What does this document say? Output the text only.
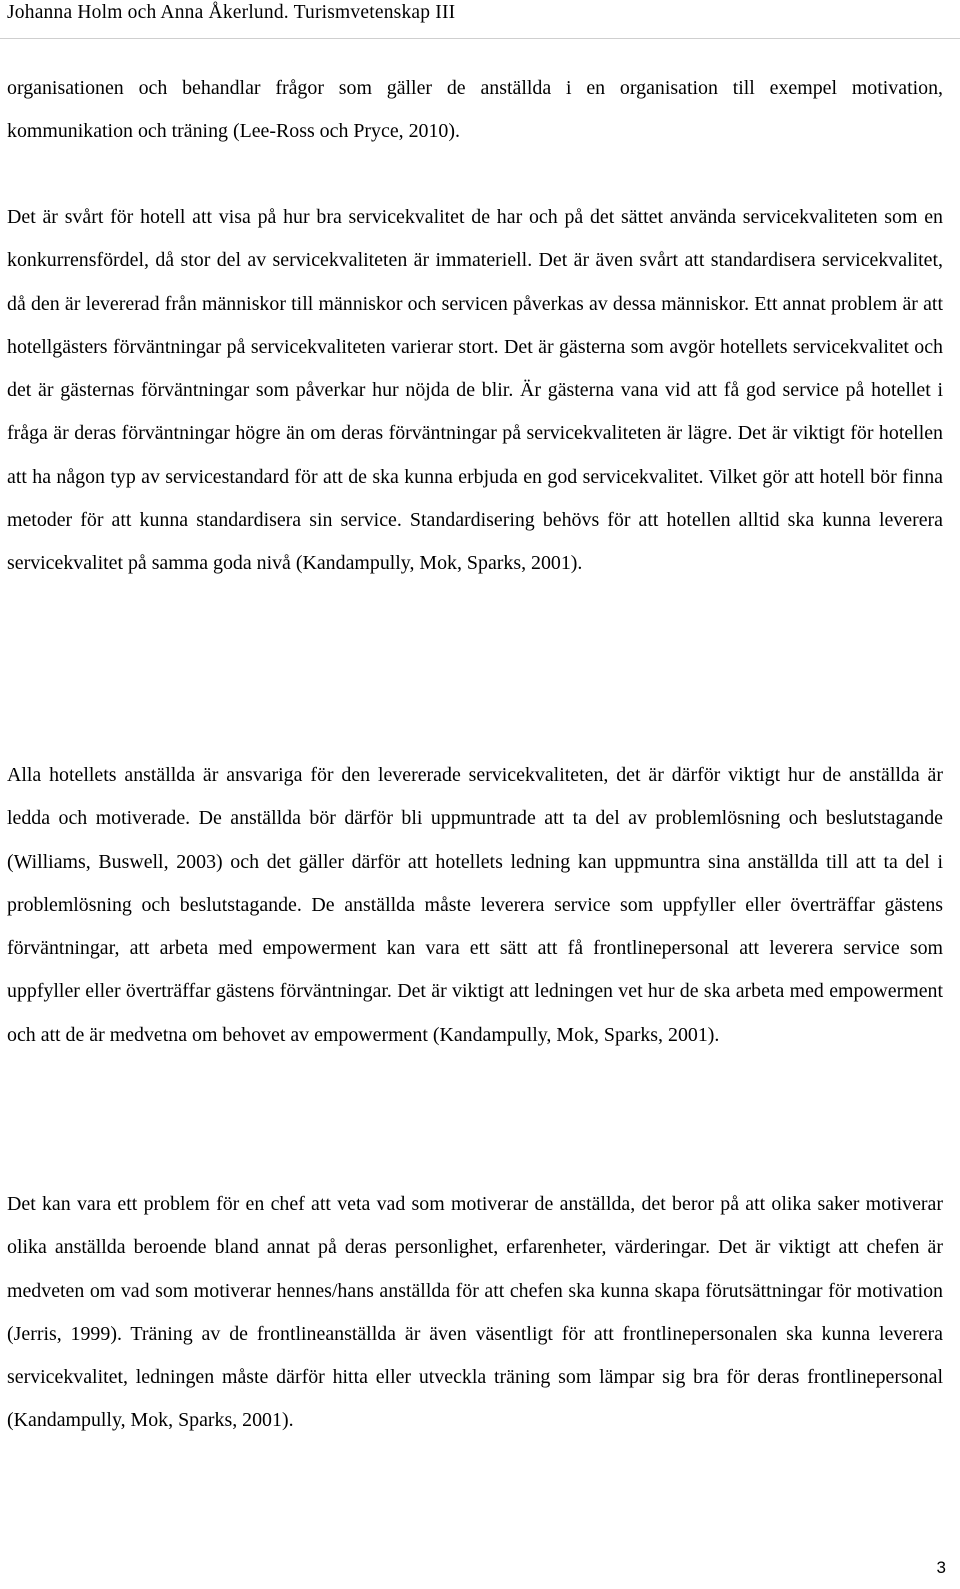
Johanna Holm och Anna Åkerlund. Turismvetenskap III

organisationen och behandlar frågor som gäller de anställda i en organisation till exempel motivation, kommunikation och träning (Lee-Ross och Pryce, 2010).

Det är svårt för hotell att visa på hur bra servicekvalitet de har och på det sättet använda servicekvaliteten som en konkurrensfördel, då stor del av servicekvaliteten är immateriell. Det är även svårt att standardisera servicekvalitet, då den är levererad från människor till människor och servicen påverkas av dessa människor. Ett annat problem är att hotellgästers förväntningar på servicekvaliteten varierar stort. Det är gästerna som avgör hotellets servicekvalitet och det är gästernas förväntningar som påverkar hur nöjda de blir. Är gästerna vana vid att få god service på hotellet i fråga är deras förväntningar högre än om deras förväntningar på servicekvaliteten är lägre. Det är viktigt för hotellen att ha någon typ av servicestandard för att de ska kunna erbjuda en god servicekvalitet. Vilket gör att hotell bör finna metoder för att kunna standardisera sin service. Standardisering behövs för att hotellen alltid ska kunna leverera servicekvalitet på samma goda nivå (Kandampully, Mok, Sparks, 2001).

Alla hotellets anställda är ansvariga för den levererade servicekvaliteten, det är därför viktigt hur de anställda är ledda och motiverade. De anställda bör därför bli uppmuntrade att ta del av problemlösning och beslutstagande (Williams, Buswell, 2003) och det gäller därför att hotellets ledning kan uppmuntra sina anställda till att ta del i problemlösning och beslutstagande. De anställda måste leverera service som uppfyller eller överträffar gästens förväntningar, att arbeta med empowerment kan vara ett sätt att få frontlinepersonal att leverera service som uppfyller eller överträffar gästens förväntningar. Det är viktigt att ledningen vet hur de ska arbeta med empowerment och att de är medvetna om behovet av empowerment (Kandampully, Mok, Sparks, 2001).

Det kan vara ett problem för en chef att veta vad som motiverar de anställda, det beror på att olika saker motiverar olika anställda beroende bland annat på deras personlighet, erfarenheter, värderingar. Det är viktigt att chefen är medveten om vad som motiverar hennes/hans anställda för att chefen ska kunna skapa förutsättningar för motivation (Jerris, 1999). Träning av de frontlineanställda är även väsentligt för att frontlinepersonalen ska kunna leverera servicekvalitet, ledningen måste därför hitta eller utveckla träning som lämpar sig bra för deras frontlinepersonal (Kandampully, Mok, Sparks, 2001).

3
